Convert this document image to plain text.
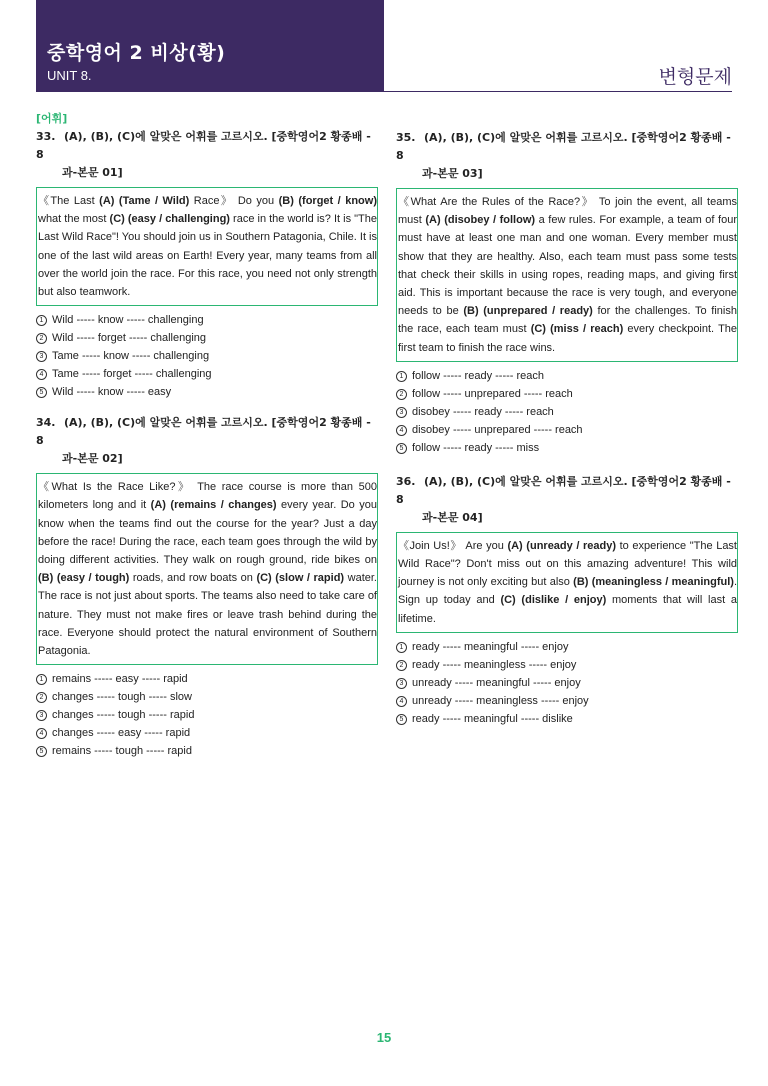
중학영어 2 비상(황)
UNIT 8.	변형문제
[어휘]
33. (A), (B), (C)에 알맞은 어휘를 고르시오. [중학영어2 황종배 - 8
과-본문 01]
《The Last (A) (Tame / Wild) Race》 Do you (B) (forget / know) what the most (C) (easy / challenging) race in the world is? It is "The Last Wild Race"! You should join us in Southern Patagonia, Chile. It is one of the last wild areas on Earth! Every year, many teams from all over the world join the race. For this race, you need not only strength but also teamwork.
1 Wild ----- know ----- challenging
2 Wild ----- forget ----- challenging
3 Tame ----- know ----- challenging
4 Tame ----- forget ----- challenging
5 Wild ----- know ----- easy
34. (A), (B), (C)에 알맞은 어휘를 고르시오. [중학영어2 황종배 - 8
과-본문 02]
《What Is the Race Like?》 The race course is more than 500 kilometers long and it (A) (remains / changes) every year. Do you know when the teams find out the course for the year? Just a day before the race! During the race, each team goes through the wild by doing different activities. They walk on rough ground, ride bikes on (B) (easy / tough) roads, and row boats on (C) (slow / rapid) water. The race is not just about sports. The teams also need to take care of nature. They must not make fires or leave trash behind during the race. Everyone should protect the natural environment of Southern Patagonia.
1 remains ----- easy ----- rapid
2 changes ----- tough ----- slow
3 changes ----- tough ----- rapid
4 changes ----- easy ----- rapid
5 remains ----- tough ----- rapid
35. (A), (B), (C)에 알맞은 어휘를 고르시오. [중학영어2 황종배 - 8
과-본문 03]
《What Are the Rules of the Race?》 To join the event, all teams must (A) (disobey / follow) a few rules. For example, a team of four must have at least one man and one woman. Every member must show that they are healthy. Also, each team must pass some tests that check their skills in using ropes, reading maps, and giving first aid. This is important because the race is very tough, and everyone needs to be (B) (unprepared / ready) for the challenges. To finish the race, each team must (C) (miss / reach) every checkpoint. The first team to finish the race wins.
1 follow ----- ready ----- reach
2 follow ----- unprepared ----- reach
3 disobey ----- ready ----- reach
4 disobey ----- unprepared ----- reach
5 follow ----- ready ----- miss
36. (A), (B), (C)에 알맞은 어휘를 고르시오. [중학영어2 황종배 - 8
과-본문 04]
《Join Us!》 Are you (A) (unready / ready) to experience "The Last Wild Race"? Don't miss out on this amazing adventure! This wild journey is not only exciting but also (B) (meaningless / meaningful). Sign up today and (C) (dislike / enjoy) moments that will last a lifetime.
1 ready ----- meaningful ----- enjoy
2 ready ----- meaningless ----- enjoy
3 unready ----- meaningful ----- enjoy
4 unready ----- meaningless ----- enjoy
5 ready ----- meaningful ----- dislike
15
